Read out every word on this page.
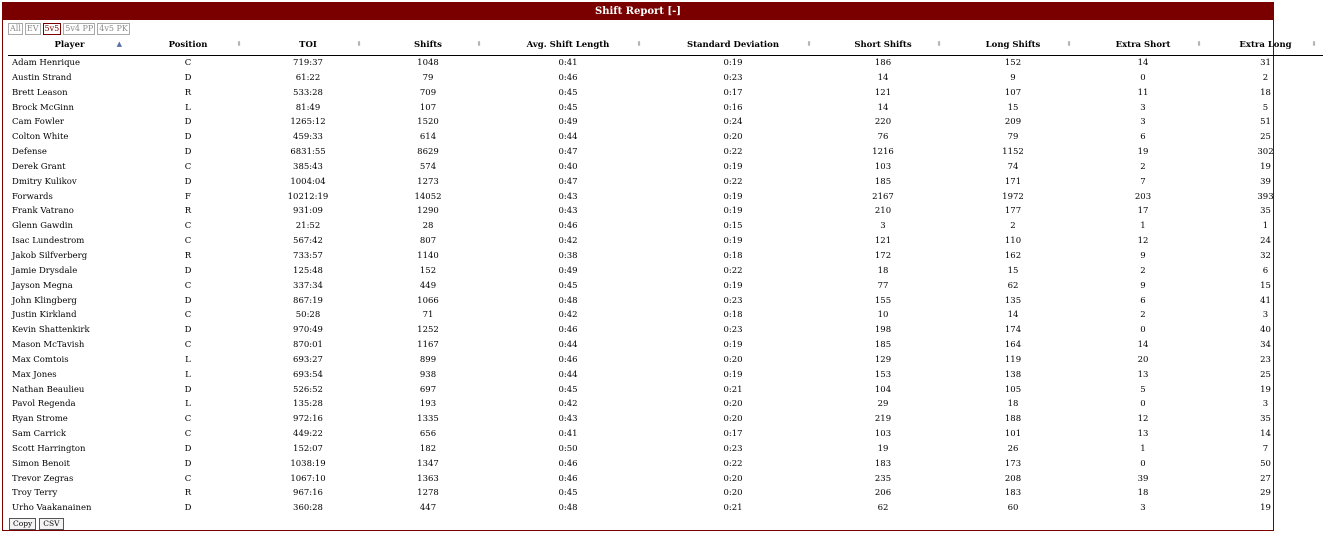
Shift Report [-]
All EV 5v5 5v4 PP 4v5 PK
Player ▲	Position ⬍	TOI ⬍	Shifts ⬍	Avg. Shift Length ⬍	Standard Deviation ⬍	Short Shifts ⬍	Long Shifts ⬍	Extra Short ⬍	Extra Long ⬍

Adam Henrique	C	719:37	1048	0:41	0:19	186	152	14	31
Austin Strand	D	61:22	79	0:46	0:23	14	9	0	2
Brett Leason	R	533:28	709	0:45	0:17	121	107	11	18
Brock McGinn	L	81:49	107	0:45	0:16	14	15	3	5
Cam Fowler	D	1265:12	1520	0:49	0:24	220	209	3	51
Colton White	D	459:33	614	0:44	0:20	76	79	6	25
Defense	D	6831:55	8629	0:47	0:22	1216	1152	19	302
Derek Grant	C	385:43	574	0:40	0:19	103	74	2	19
Dmitry Kulikov	D	1004:04	1273	0:47	0:22	185	171	7	39
Forwards	F	10212:19	14052	0:43	0:19	2167	1972	203	393
Frank Vatrano	R	931:09	1290	0:43	0:19	210	177	17	35
Glenn Gawdin	C	21:52	28	0:46	0:15	3	2	1	1
Isac Lundestrom	C	567:42	807	0:42	0:19	121	110	12	24
Jakob Silfverberg	R	733:57	1140	0:38	0:18	172	162	9	32
Jamie Drysdale	D	125:48	152	0:49	0:22	18	15	2	6
Jayson Megna	C	337:34	449	0:45	0:19	77	62	9	15
John Klingberg	D	867:19	1066	0:48	0:23	155	135	6	41
Justin Kirkland	C	50:28	71	0:42	0:18	10	14	2	3
Kevin Shattenkirk	D	970:49	1252	0:46	0:23	198	174	0	40
Mason McTavish	C	870:01	1167	0:44	0:19	185	164	14	34
Max Comtois	L	693:27	899	0:46	0:20	129	119	20	23
Max Jones	L	693:54	938	0:44	0:19	153	138	13	25
Nathan Beaulieu	D	526:52	697	0:45	0:21	104	105	5	19
Pavol Regenda	L	135:28	193	0:42	0:20	29	18	0	3
Ryan Strome	C	972:16	1335	0:43	0:20	219	188	12	35
Sam Carrick	C	449:22	656	0:41	0:17	103	101	13	14
Scott Harrington	D	152:07	182	0:50	0:23	19	26	1	7
Simon Benoit	D	1038:19	1347	0:46	0:22	183	173	0	50
Trevor Zegras	C	1067:10	1363	0:46	0:20	235	208	39	27
Troy Terry	R	967:16	1278	0:45	0:20	206	183	18	29
Urho Vaakanainen	D	360:28	447	0:48	0:21	62	60	3	19
Copy	CSV
